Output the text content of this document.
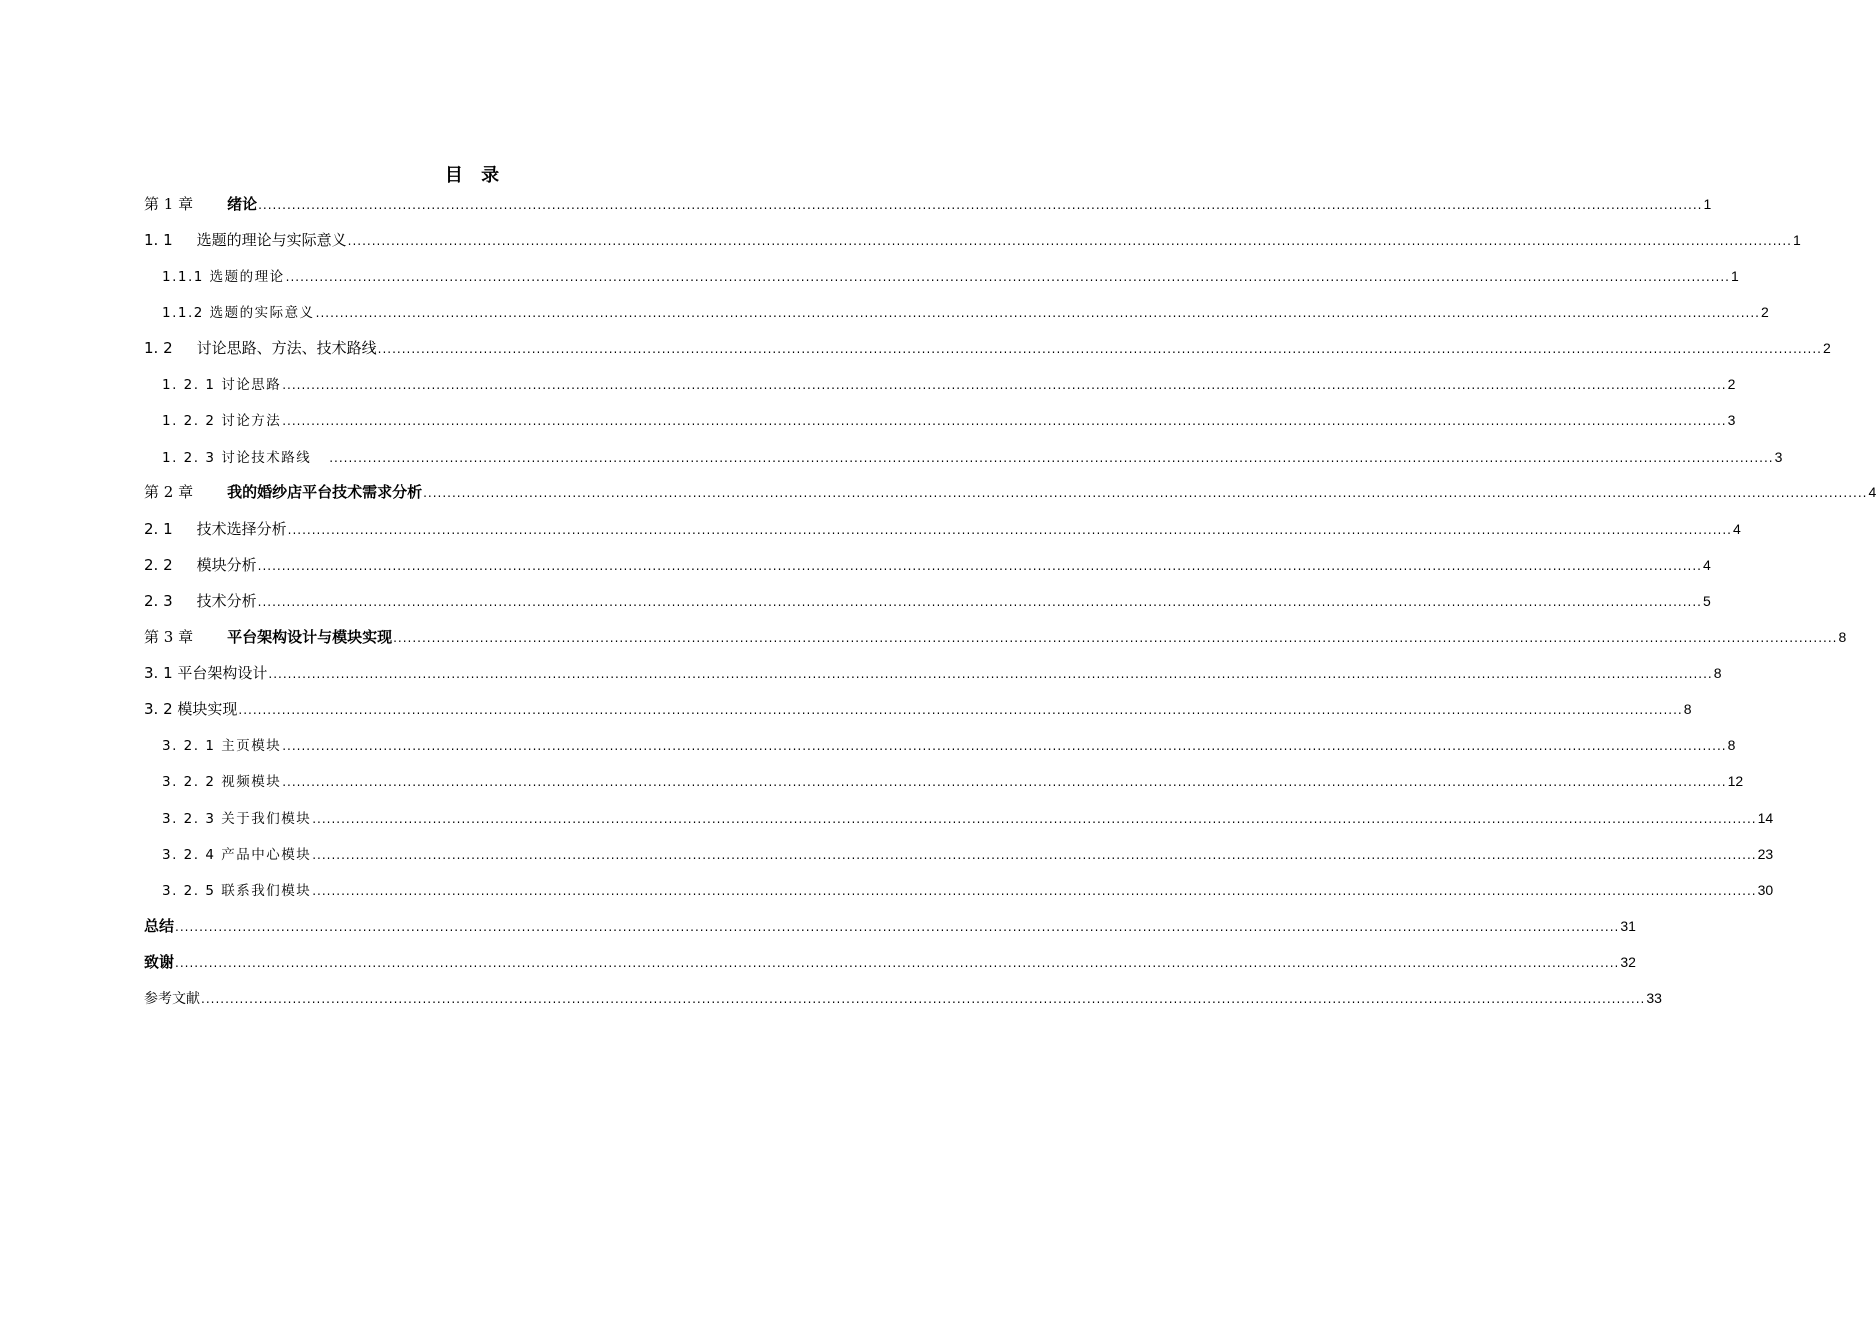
目 录
第 1 章 绪论 ............................................................................................................................................................................................................................................................................................................ 1
1. 1 选题的理论与实际意义 ............................................................................................................................................................................................................................................................................................................ 1
1.1.1 选题的理论 ............................................................................................................................................................................................................................................................................................................ 1
1.1.2 选题的实际意义 ............................................................................................................................................................................................................................................................................................................ 2
1. 2 讨论思路、方法、技术路线 ............................................................................................................................................................................................................................................................................................................ 2
1. 2. 1 讨论思路 ............................................................................................................................................................................................................................................................................................................ 2
1. 2. 2 讨论方法 ............................................................................................................................................................................................................................................................................................................ 3
1. 2. 3 讨论技术路线 ............................................................................................................................................................................................................................................................................................................ 3
第 2 章 我的婚纱店平台技术需求分析 ............................................................................................................................................................................................................................................................................................................ 4
2. 1 技术选择分析 ............................................................................................................................................................................................................................................................................................................ 4
2. 2 模块分析 ............................................................................................................................................................................................................................................................................................................ 4
2. 3 技术分析 ............................................................................................................................................................................................................................................................................................................ 5
第 3 章 平台架构设计与模块实现 ............................................................................................................................................................................................................................................................................................................ 8
3. 1 平台架构设计 ............................................................................................................................................................................................................................................................................................................ 8
3. 2 模块实现 ............................................................................................................................................................................................................................................................................................................ 8
3. 2. 1 主页模块 ............................................................................................................................................................................................................................................................................................................ 8
3. 2. 2 视频模块 ............................................................................................................................................................................................................................................................................................................ 12
3. 2. 3 关于我们模块 ............................................................................................................................................................................................................................................................................................................ 14
3. 2. 4 产品中心模块 ............................................................................................................................................................................................................................................................................................................ 23
3. 2. 5 联系我们模块 ............................................................................................................................................................................................................................................................................................................ 30
总结 ............................................................................................................................................................................................................................................................................................................ 31
致谢 ............................................................................................................................................................................................................................................................................................................ 32
参考文献 ............................................................................................................................................................................................................................................................................................................ 33
